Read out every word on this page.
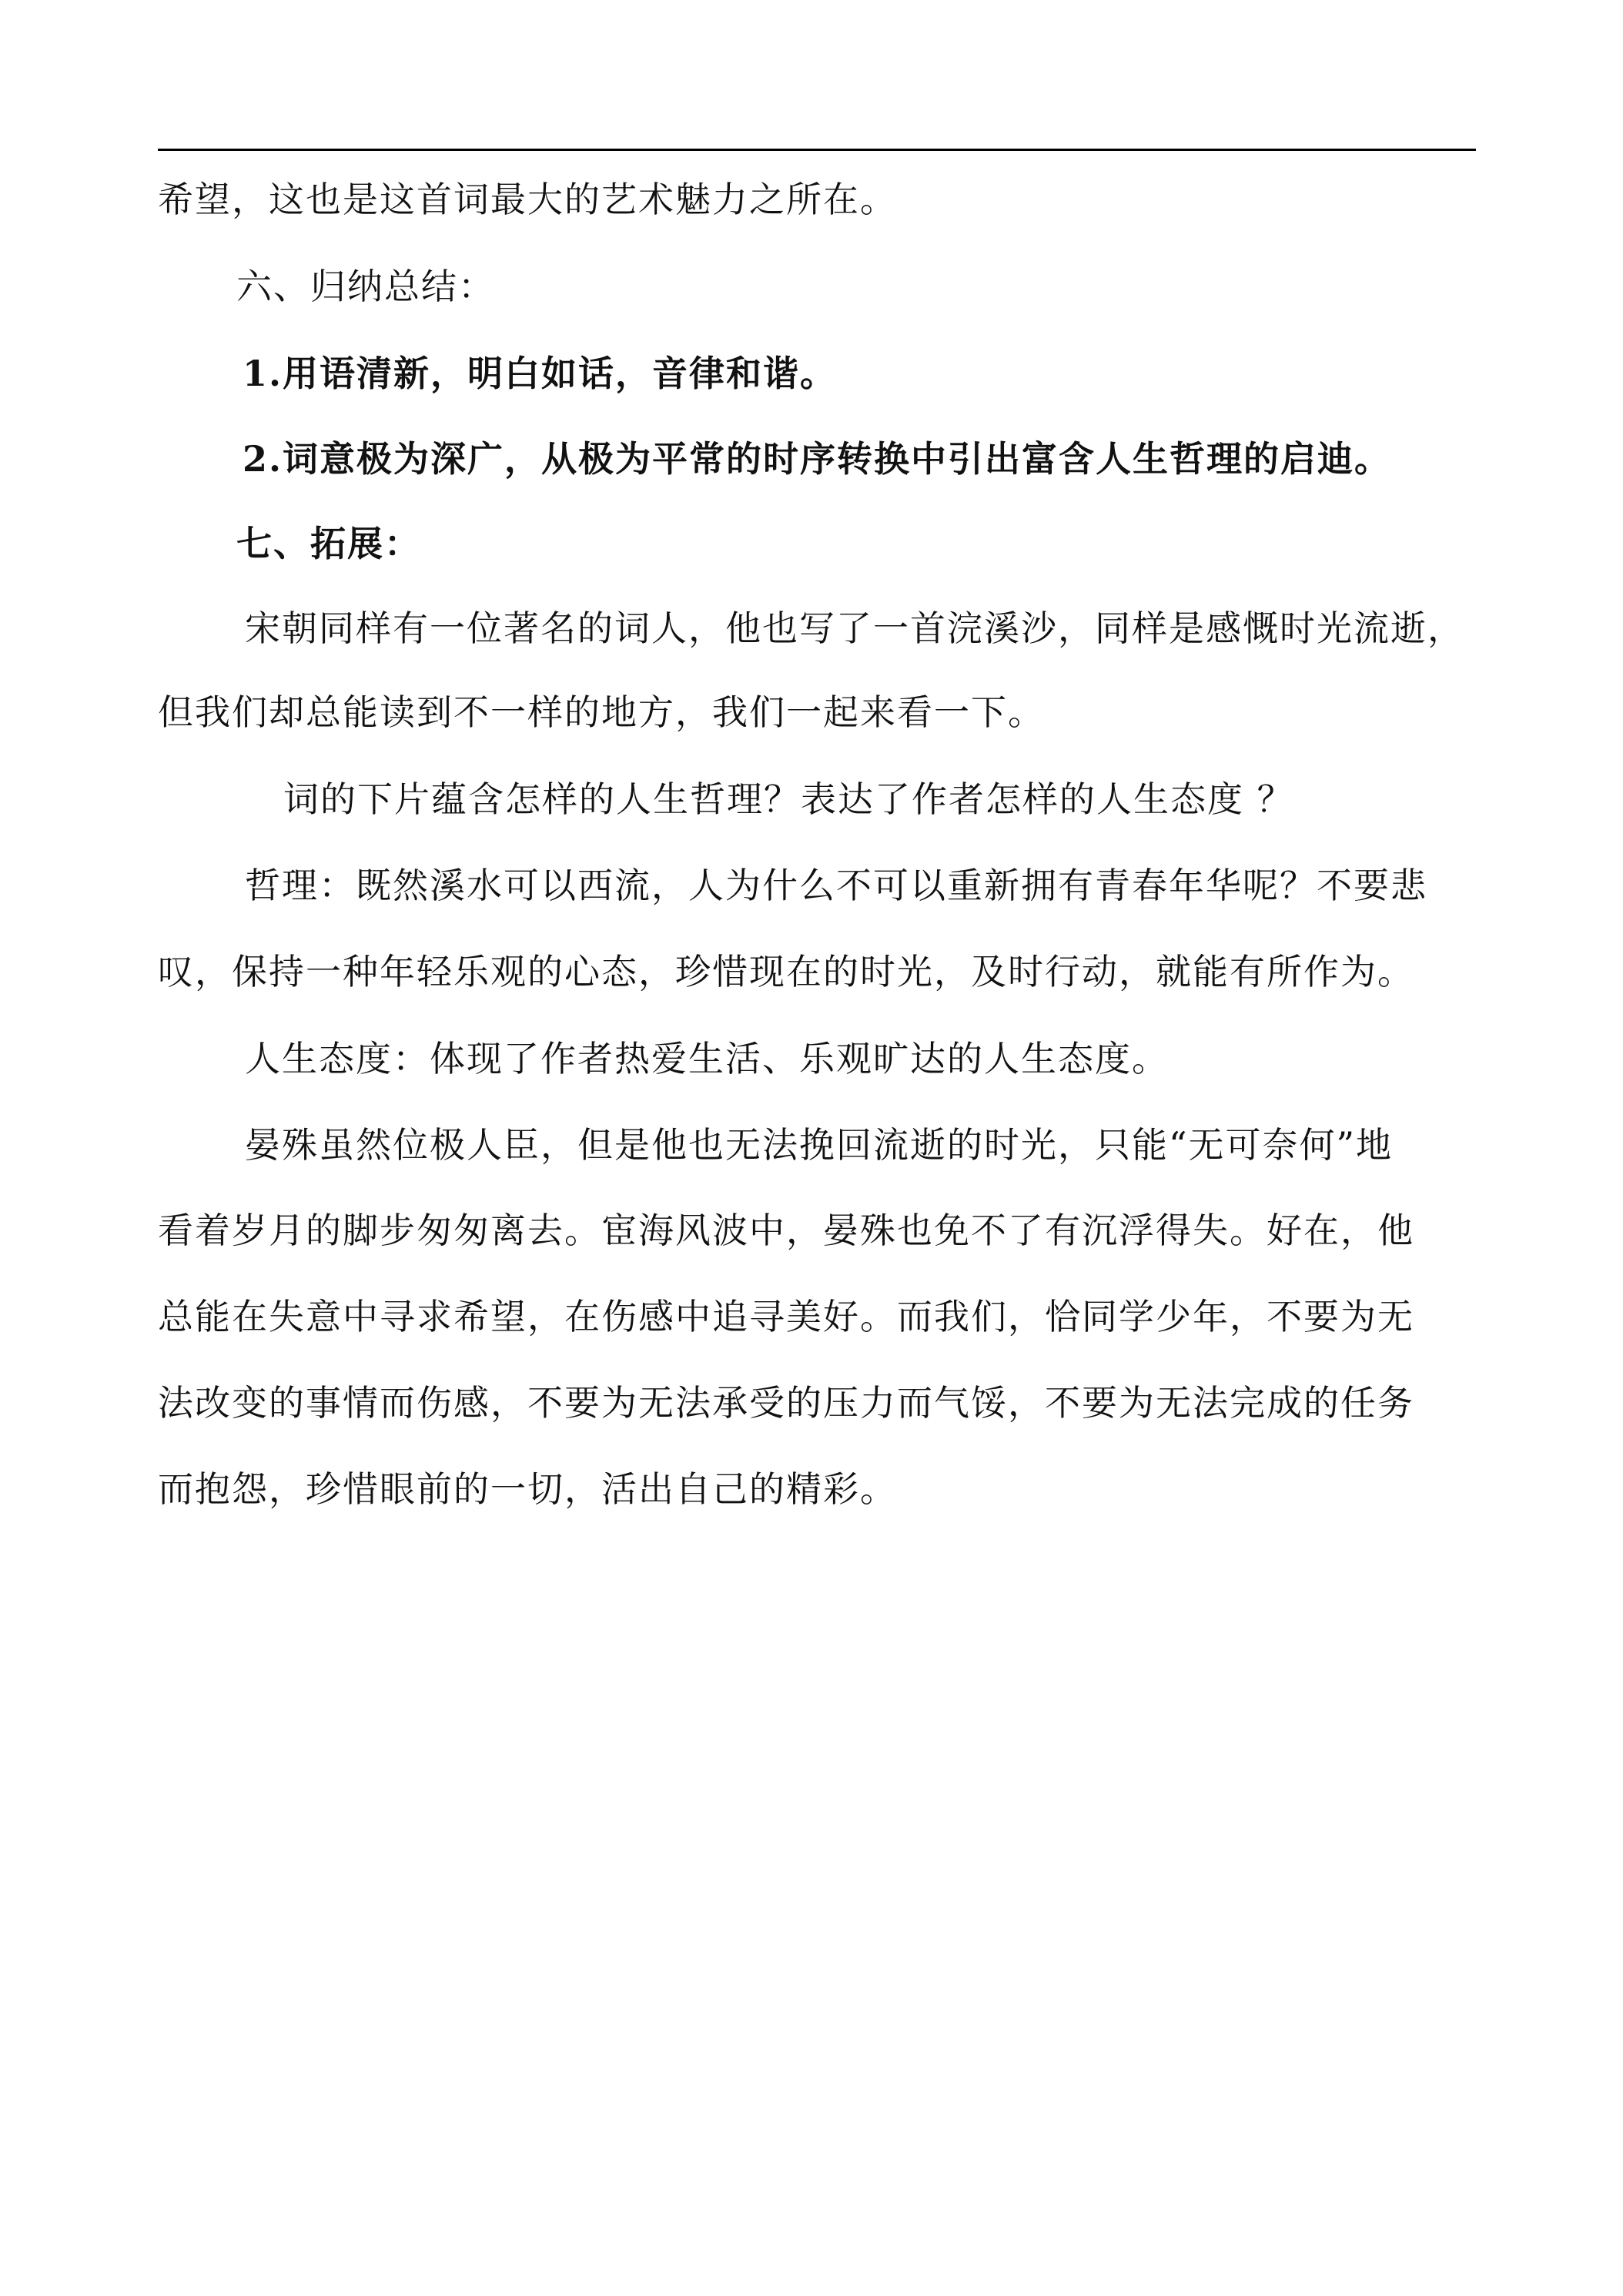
希望，这也是这首词最大的艺术魅力之所在。
六、归纳总结：
1.用语清新，明白如话，音律和谐。
2.词意极为深广，从极为平常的时序转换中引出富含人生哲理的启迪。
七、拓展：
宋朝同样有一位著名的词人，他也写了一首浣溪沙，同样是感慨时光流逝，
但我们却总能读到不一样的地方，我们一起来看一下。
词的下片蕴含怎样的人生哲理？表达了作者怎样的人生态度 ？
哲理：既然溪水可以西流，人为什么不可以重新拥有青春年华呢？不要悲
叹，保持一种年轻乐观的心态，珍惜现在的时光，及时行动，就能有所作为。
人生态度：体现了作者热爱生活、乐观旷达的人生态度。
晏殊虽然位极人臣，但是他也无法挽回流逝的时光，只能“无可奈何”地
看着岁月的脚步匆匆离去。宦海风波中，晏殊也免不了有沉浮得失。好在，他
总能在失意中寻求希望，在伤感中追寻美好。而我们，恰同学少年，不要为无
法改变的事情而伤感，不要为无法承受的压力而气馁，不要为无法完成的任务
而抱怨，珍惜眼前的一切，活出自己的精彩。
